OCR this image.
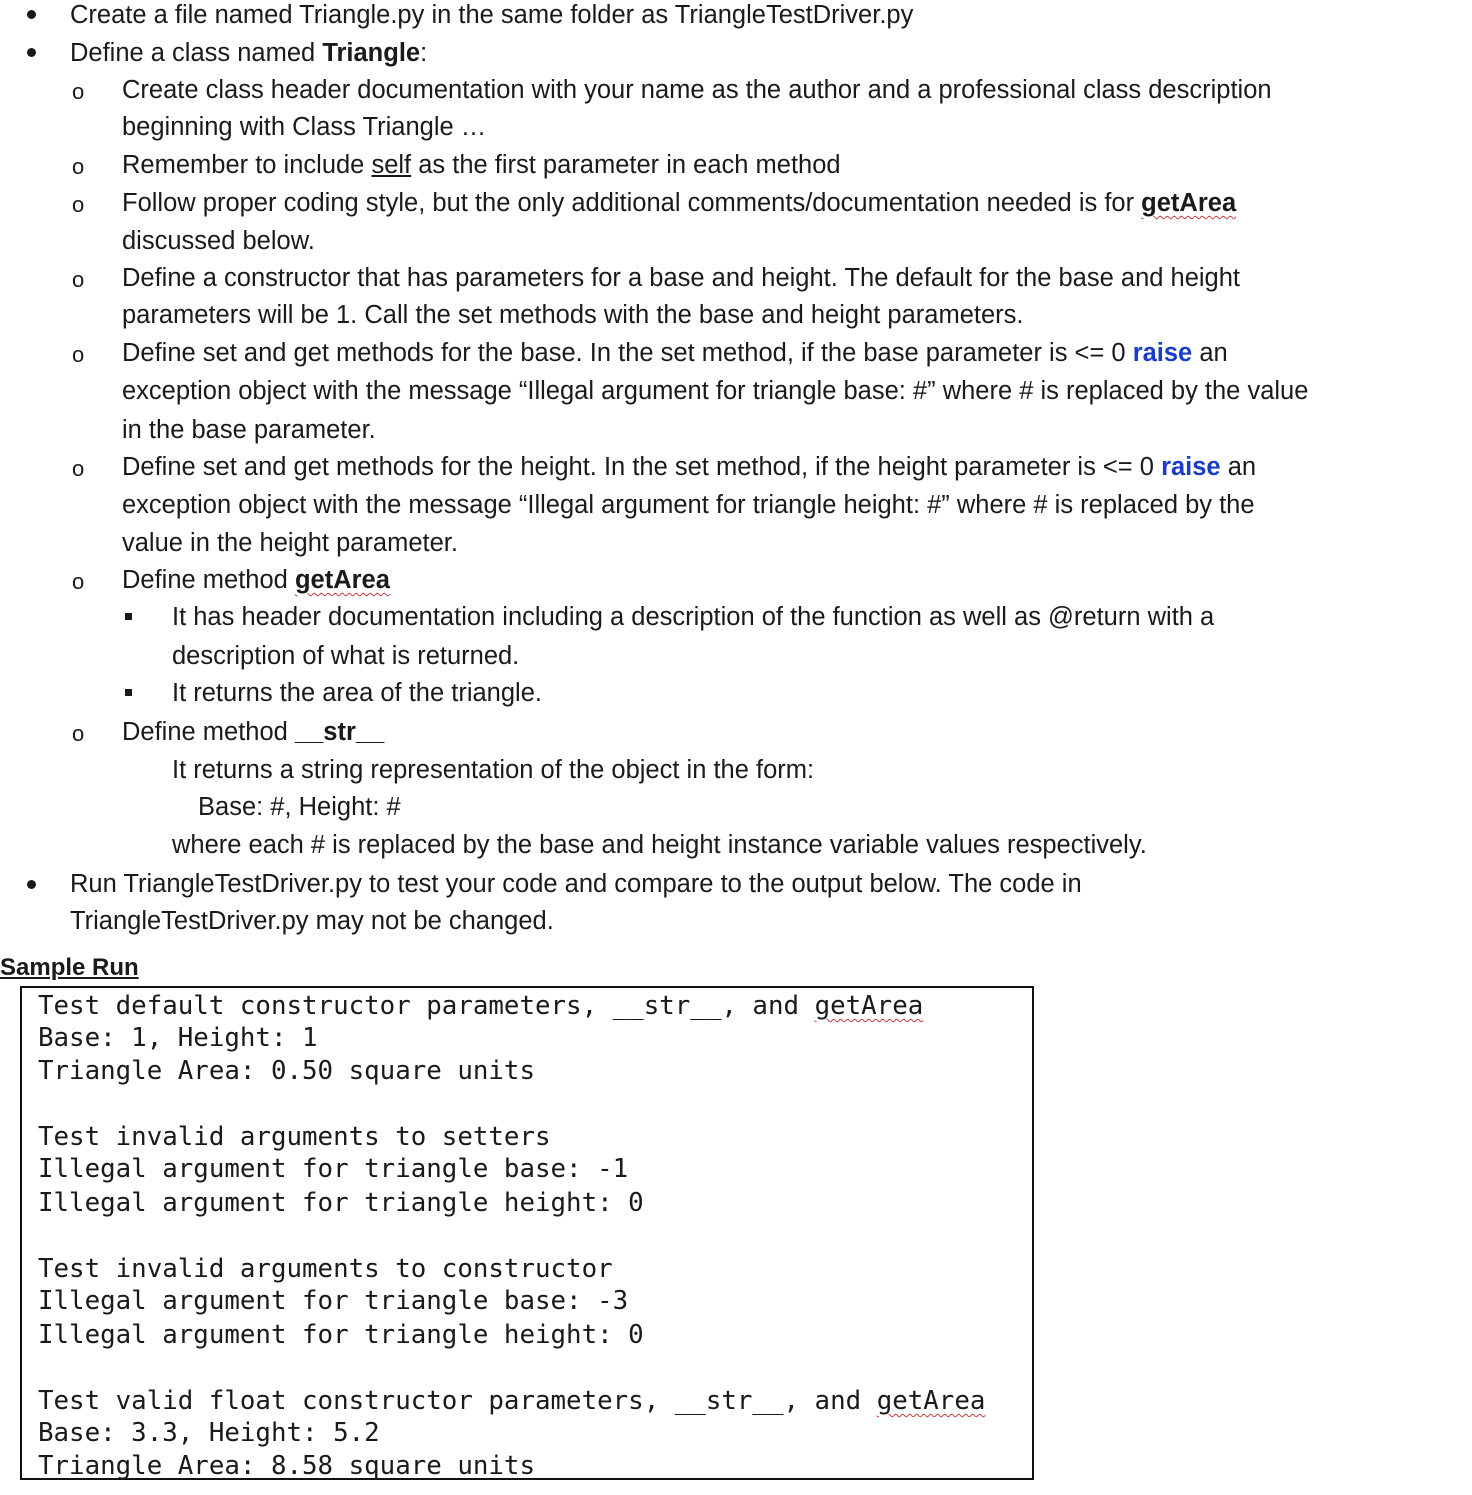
Create a file named Triangle.py in the same folder as TriangleTestDriver.py
Define a class named Triangle:
o Create class header documentation with your name as the author and a professional class description
beginning with Class Triangle …
o Remember to include self as the first parameter in each method
o Follow proper coding style, but the only additional comments/documentation needed is for getArea
discussed below.
o Define a constructor that has parameters for a base and height. The default for the base and height
parameters will be 1. Call the set methods with the base and height parameters.
o Define set and get methods for the base. In the set method, if the base parameter is <= 0 raise an
exception object with the message “Illegal argument for triangle base: #” where # is replaced by the value
in the base parameter.
o Define set and get methods for the height. In the set method, if the height parameter is <= 0 raise an
exception object with the message “Illegal argument for triangle height: #” where # is replaced by the
value in the height parameter.
o Define method getArea
It has header documentation including a description of the function as well as @return with a
description of what is returned.
It returns the area of the triangle.
o Define method __str__
It returns a string representation of the object in the form:
Base: #, Height: #
where each # is replaced by the base and height instance variable values respectively.
Run TriangleTestDriver.py to test your code and compare to the output below. The code in
TriangleTestDriver.py may not be changed.
Sample Run
Test default constructor parameters, __str__, and getArea
Base: 1, Height: 1
Triangle Area: 0.50 square units
Test invalid arguments to setters
Illegal argument for triangle base: -1
Illegal argument for triangle height: 0
Test invalid arguments to constructor
Illegal argument for triangle base: -3
Illegal argument for triangle height: 0
Test valid float constructor parameters, __str__, and getArea
Base: 3.3, Height: 5.2
Triangle Area: 8.58 square units
